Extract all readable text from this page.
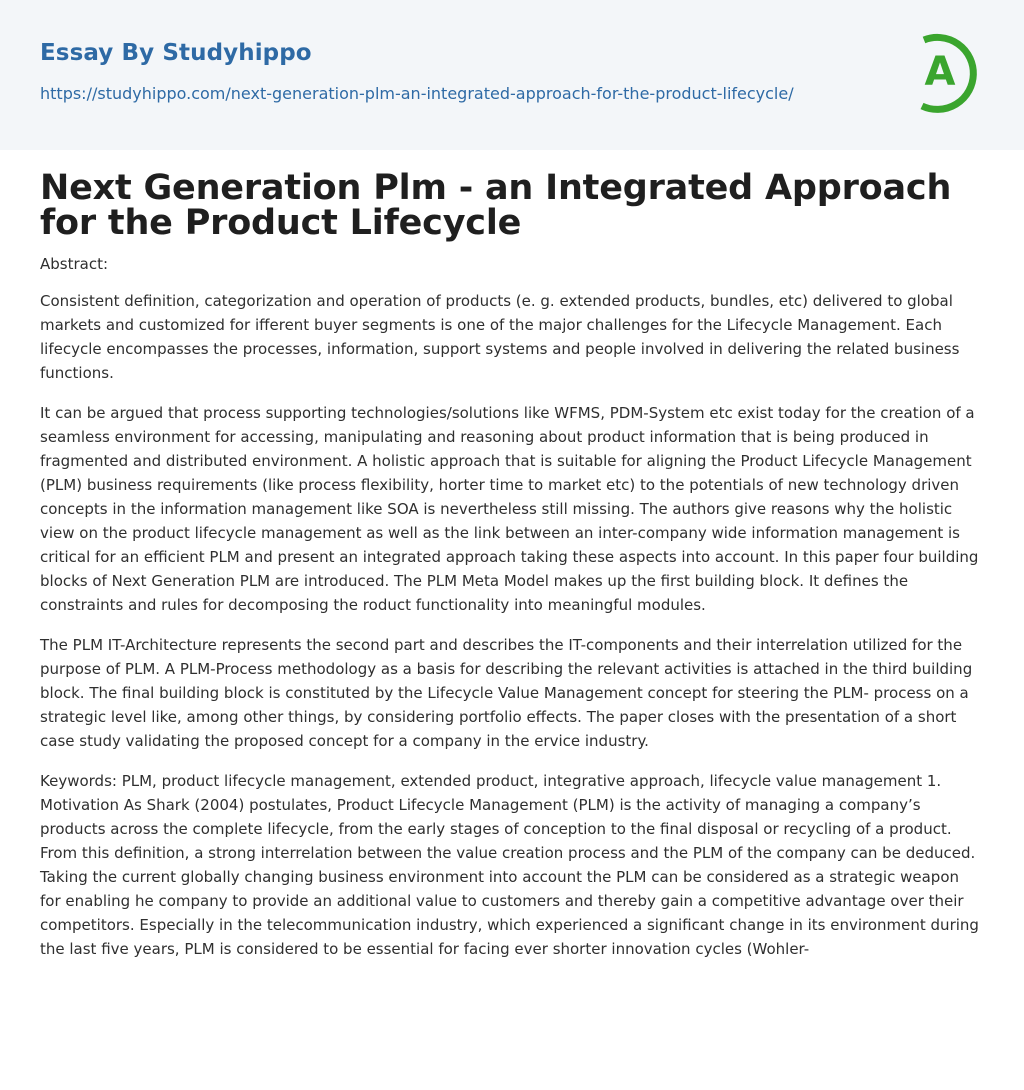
Essay By Studyhippo
https://studyhippo.com/next-generation-plm-an-integrated-approach-for-the-product-lifecycle/	A
Next Generation Plm - an Integrated Approach for the Product Lifecycle

Abstract:

Consistent definition, categorization and operation of products (e. g. extended products, bundles, etc) delivered to global markets and customized for ifferent buyer segments is one of the major challenges for the Lifecycle Management. Each lifecycle encompasses the processes, information, support systems and people involved in delivering the related business functions.

It can be argued that process supporting technologies/solutions like WFMS, PDM-System etc exist today for the creation of a seamless environment for accessing, manipulating and reasoning about product information that is being produced in fragmented and distributed environment. A holistic approach that is suitable for aligning the Product Lifecycle Management (PLM) business requirements (like process flexibility, horter time to market etc) to the potentials of new technology driven concepts in the information management like SOA is nevertheless still missing. The authors give reasons why the holistic view on the product lifecycle management as well as the link between an inter-company wide information management is critical for an efficient PLM and present an integrated approach taking these aspects into account. In this paper four building blocks of Next Generation PLM are introduced. The PLM Meta Model makes up the first building block. It defines the constraints and rules for decomposing the roduct functionality into meaningful modules.

The PLM IT-Architecture represents the second part and describes the IT-components and their interrelation utilized for the purpose of PLM. A PLM-Process methodology as a basis for describing the relevant activities is attached in the third building block. The final building block is constituted by the Lifecycle Value Management concept for steering the PLM- process on a strategic level like, among other things, by considering portfolio effects. The paper closes with the presentation of a short case study validating the proposed concept for a company in the ervice industry.

Keywords: PLM, product lifecycle management, extended product, integrative approach, lifecycle value management 1. Motivation As Shark (2004) postulates, Product Lifecycle Management (PLM) is the activity of managing a company’s products across the complete lifecycle, from the early stages of conception to the final disposal or recycling of a product. From this definition, a strong interrelation between the value creation process and the PLM of the company can be deduced. Taking the current globally changing business environment into account the PLM can be considered as a strategic weapon for enabling he company to provide an additional value to customers and thereby gain a competitive advantage over their competitors. Especially in the telecommunication industry, which experienced a significant change in its environment during the last five years, PLM is considered to be essential for facing ever shorter innovation cycles (Wohler-
